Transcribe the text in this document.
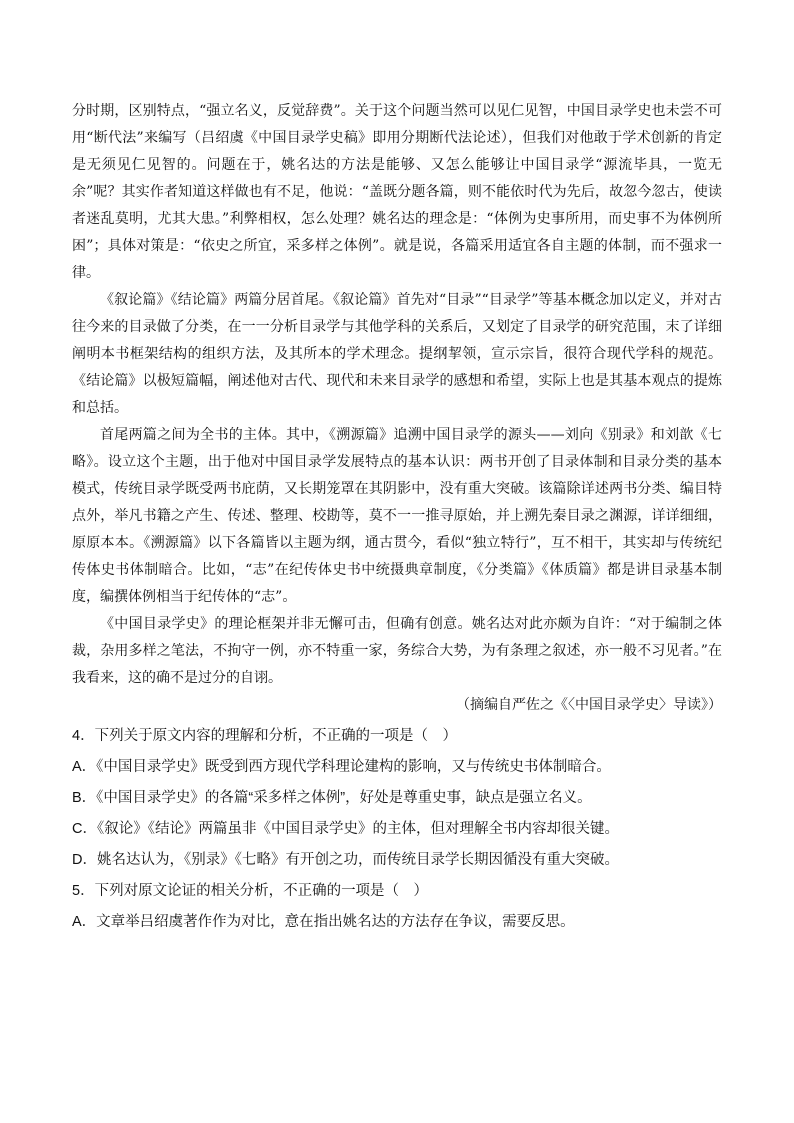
分时期，区别特点，“强立名义，反觉辞费”。关于这个问题当然可以见仁见智，中国目录学史也未尝不可用“断代法”来编写（吕绍虞《中国目录学史稿》即用分期断代法论述），但我们对他敢于学术创新的肯定是无须见仁见智的。问题在于，姚名达的方法是能够、又怎么能够让中国目录学“源流毕具，一览无余”呢？其实作者知道这样做也有不足，他说：“盖既分题各篇，则不能依时代为先后，故忽今忽古，使读者迷乱莫明，尤其大患。”利弊相权，怎么处理？姚名达的理念是：“体例为史事所用，而史事不为体例所困”；具体对策是：“依史之所宜，采多样之体例”。就是说，各篇采用适宜各自主题的体制，而不强求一律。

《叙论篇》《结论篇》两篇分居首尾。《叙论篇》首先对“目录”“目录学”等基本概念加以定义，并对古往今来的目录做了分类，在一一分析目录学与其他学科的关系后，又划定了目录学的研究范围，末了详细阐明本书框架结构的组织方法，及其所本的学术理念。提纲挈领，宣示宗旨，很符合现代学科的规范。《结论篇》以极短篇幅，阐述他对古代、现代和未来目录学的感想和希望，实际上也是其基本观点的提炼和总括。

首尾两篇之间为全书的主体。其中，《溯源篇》追溯中国目录学的源头——刘向《别录》和刘歆《七略》。设立这个主题，出于他对中国目录学发展特点的基本认识：两书开创了目录体制和目录分类的基本模式，传统目录学既受两书庇荫，又长期笼罩在其阴影中，没有重大突破。该篇除详述两书分类、编目特点外，举凡书籍之产生、传述、整理、校勘等，莫不一一推寻原始，并上溯先秦目录之渊源，详详细细，原原本本。《溯源篇》以下各篇皆以主题为纲，通古贯今，看似“独立特行”，互不相干，其实却与传统纪传体史书体制暗合。比如，“志”在纪传体史书中统摄典章制度，《分类篇》《体质篇》都是讲目录基本制度，编撰体例相当于纪传体的“志”。

《中国目录学史》的理论框架并非无懈可击，但确有创意。姚名达对此亦颇为自许：“对于编制之体裁，杂用多样之笔法，不拘守一例，亦不特重一家，务综合大势，为有条理之叙述，亦一般不习见者。”在我看来，这的确不是过分的自诩。

（摘编自严佐之《〈中国目录学史〉导读》）

4．下列关于原文内容的理解和分析，不正确的一项是（　）

A．《中国目录学史》既受到西方现代学科理论建构的影响，又与传统史书体制暗合。

B．《中国目录学史》的各篇“采多样之体例”，好处是尊重史事，缺点是强立名义。

C．《叙论》《结论》两篇虽非《中国目录学史》的主体，但对理解全书内容却很关键。

D．姚名达认为，《别录》《七略》有开创之功，而传统目录学长期因循没有重大突破。

5．下列对原文论证的相关分析，不正确的一项是（　）

A．文章举吕绍虞著作作为对比，意在指出姚名达的方法存在争议，需要反思。
